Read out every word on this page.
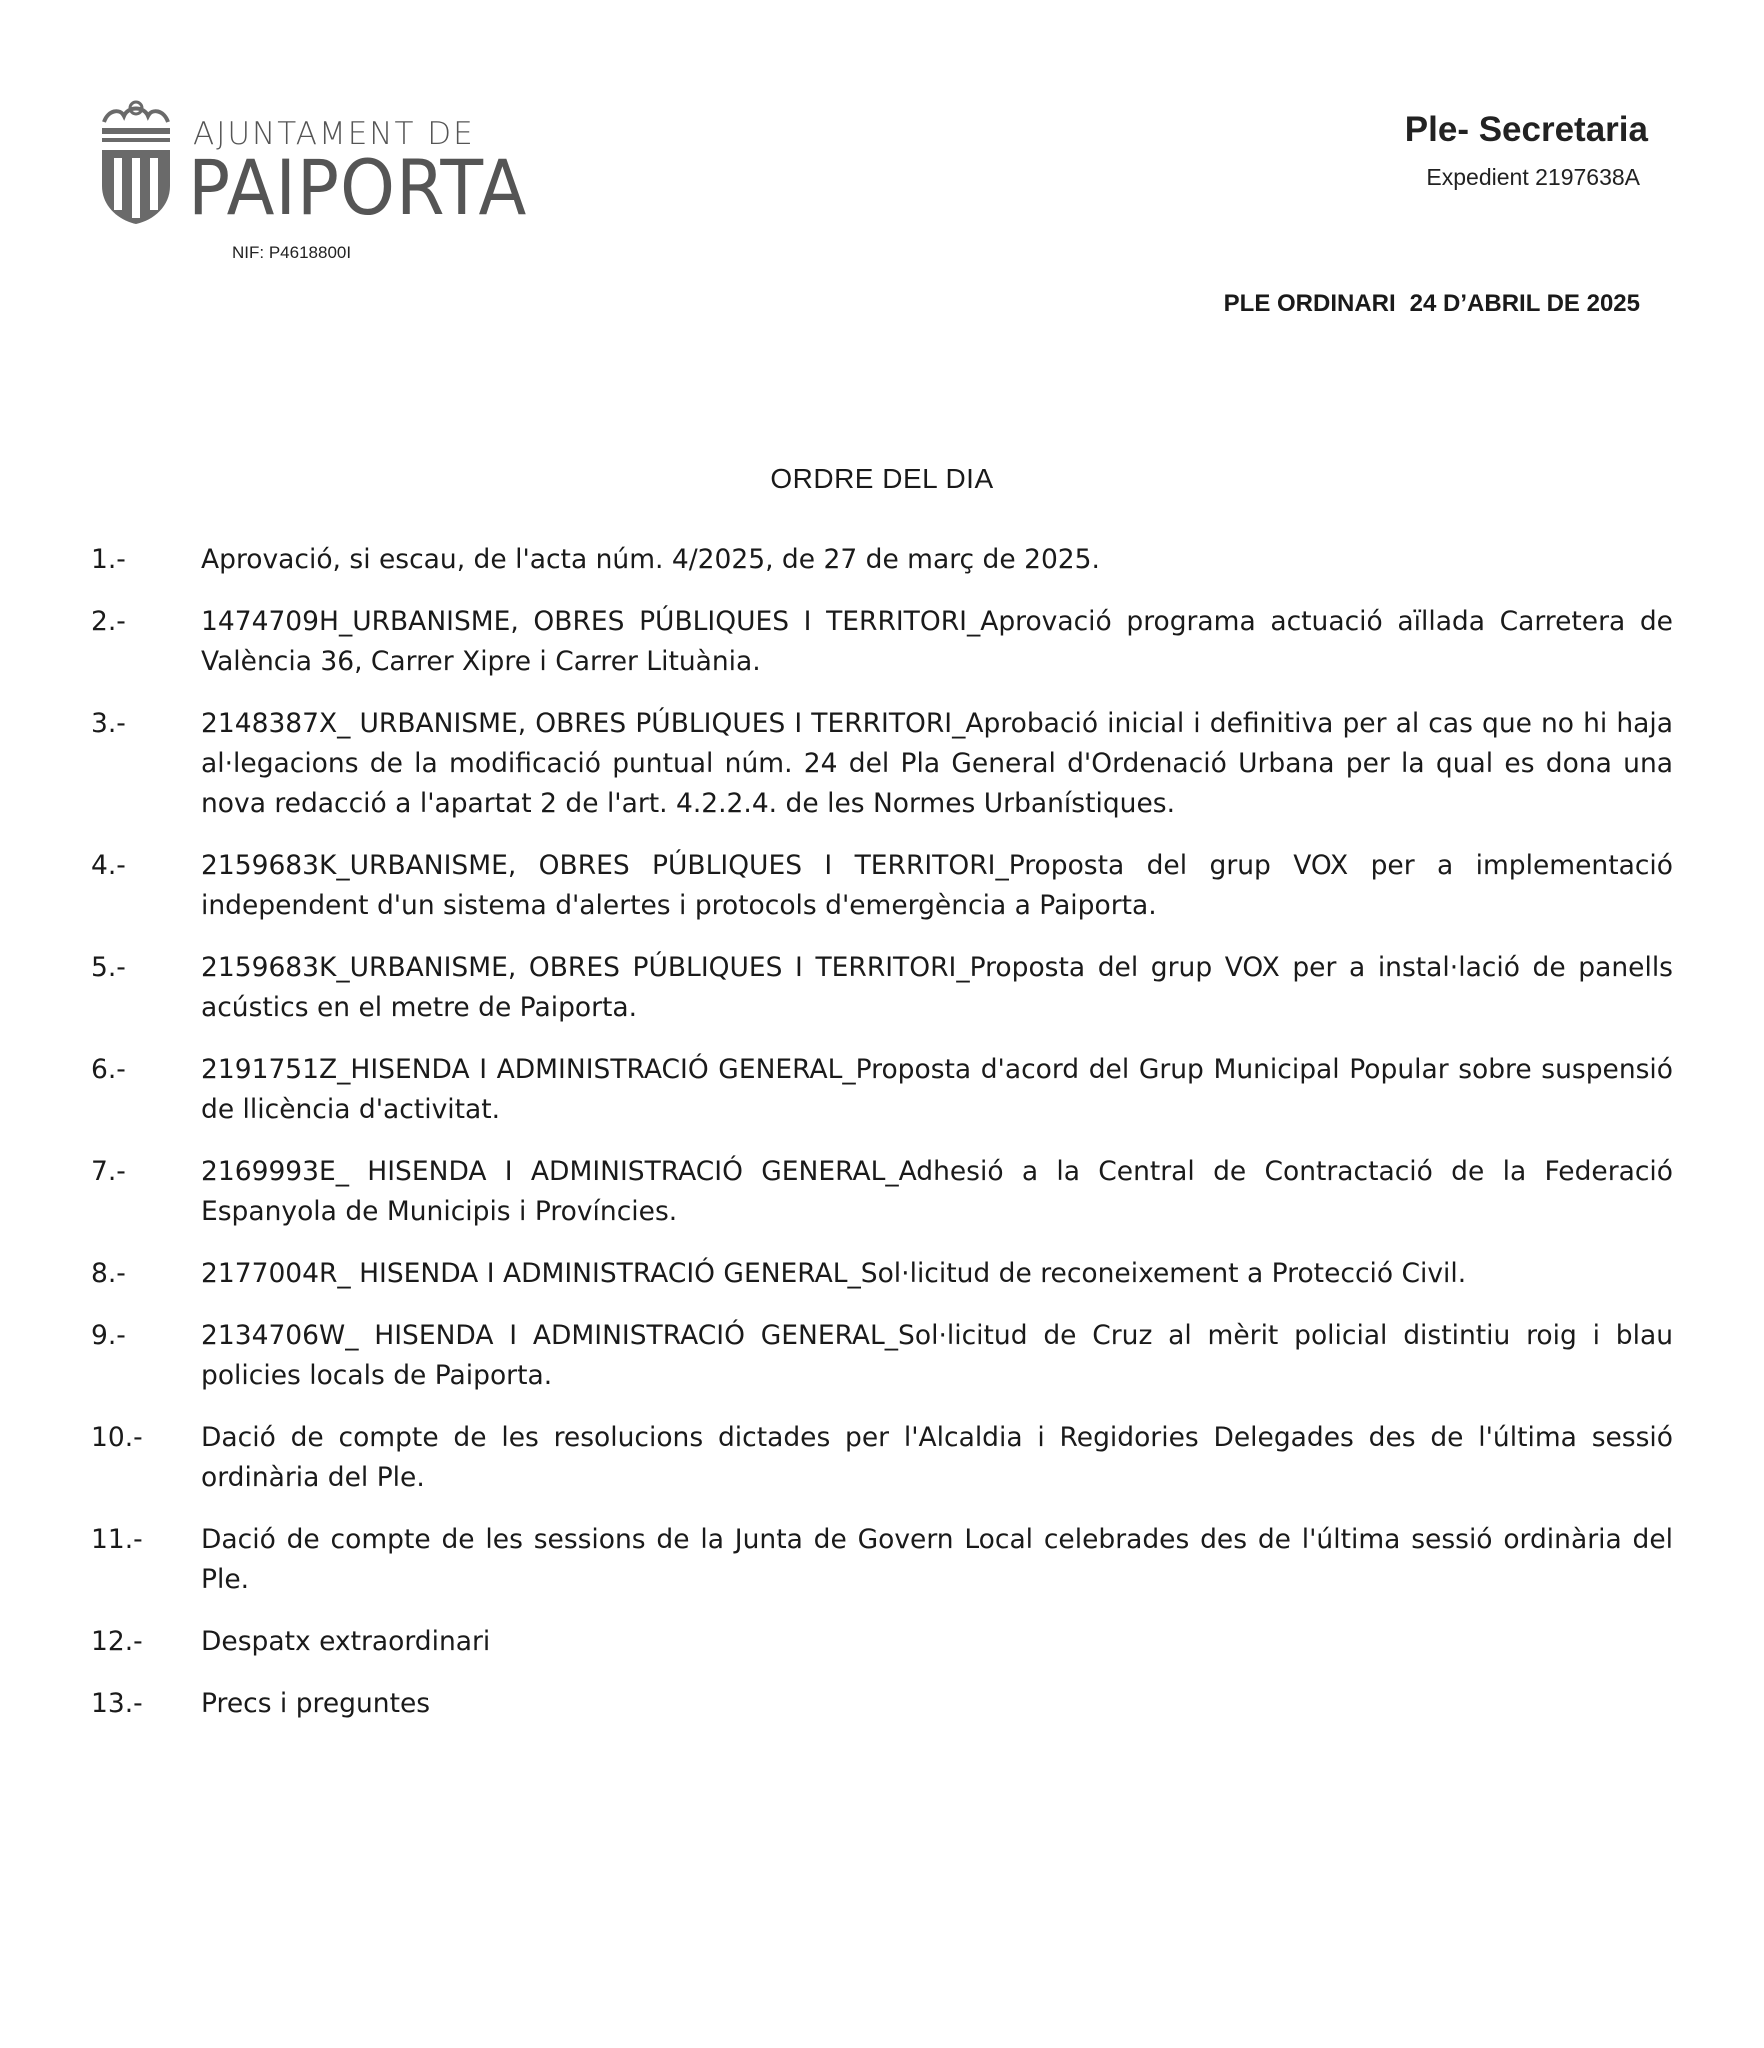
AJUNTAMENT DE
PAIPORTA
NIF: P4618800I
Ple- Secretaria
Expedient 2197638A
PLE ORDINARI 24 D’ABRIL DE 2025
ORDRE DEL DIA
1.-	Aprovació, si escau, de l'acta núm. 4/2025, de 27 de març de 2025.
2.-	1474709H_URBANISME, OBRES PÚBLIQUES I TERRITORI_Aprovació programa actuació aïllada Carretera de València 36, Carrer Xipre i Carrer Lituània.
3.-	2148387X_ URBANISME, OBRES PÚBLIQUES I TERRITORI_Aprobació inicial i definitiva per al cas que no hi haja al·legacions de la modificació puntual núm. 24 del Pla General d'Ordenació Urbana per la qual es dona una nova redacció a l'apartat 2 de l'art. 4.2.2.4. de les Normes Urbanístiques.
4.-	2159683K_URBANISME, OBRES PÚBLIQUES I TERRITORI_Proposta del grup VOX per a implementació independent d'un sistema d'alertes i protocols d'emergència a Paiporta.
5.-	2159683K_URBANISME, OBRES PÚBLIQUES I TERRITORI_Proposta del grup VOX per a instal·lació de panells acústics en el metre de Paiporta.
6.-	2191751Z_HISENDA I ADMINISTRACIÓ GENERAL_Proposta d'acord del Grup Municipal Popular sobre suspensió de llicència d'activitat.
7.-	2169993E_ HISENDA I ADMINISTRACIÓ GENERAL_Adhesió a la Central de Contractació de la Federació Espanyola de Municipis i Províncies.
8.-	2177004R_ HISENDA I ADMINISTRACIÓ GENERAL_Sol·licitud de reconeixement a Protecció Civil.
9.-	2134706W_ HISENDA I ADMINISTRACIÓ GENERAL_Sol·licitud de Cruz al mèrit policial distintiu roig i blau policies locals de Paiporta.
10.- Dació de compte de les resolucions dictades per l'Alcaldia i Regidories Delegades des de l'última sessió ordinària del Ple.
11.- Dació de compte de les sessions de la Junta de Govern Local celebrades des de l'última sessió ordinària del Ple.
12.- Despatx extraordinari
13.- Precs i preguntes
